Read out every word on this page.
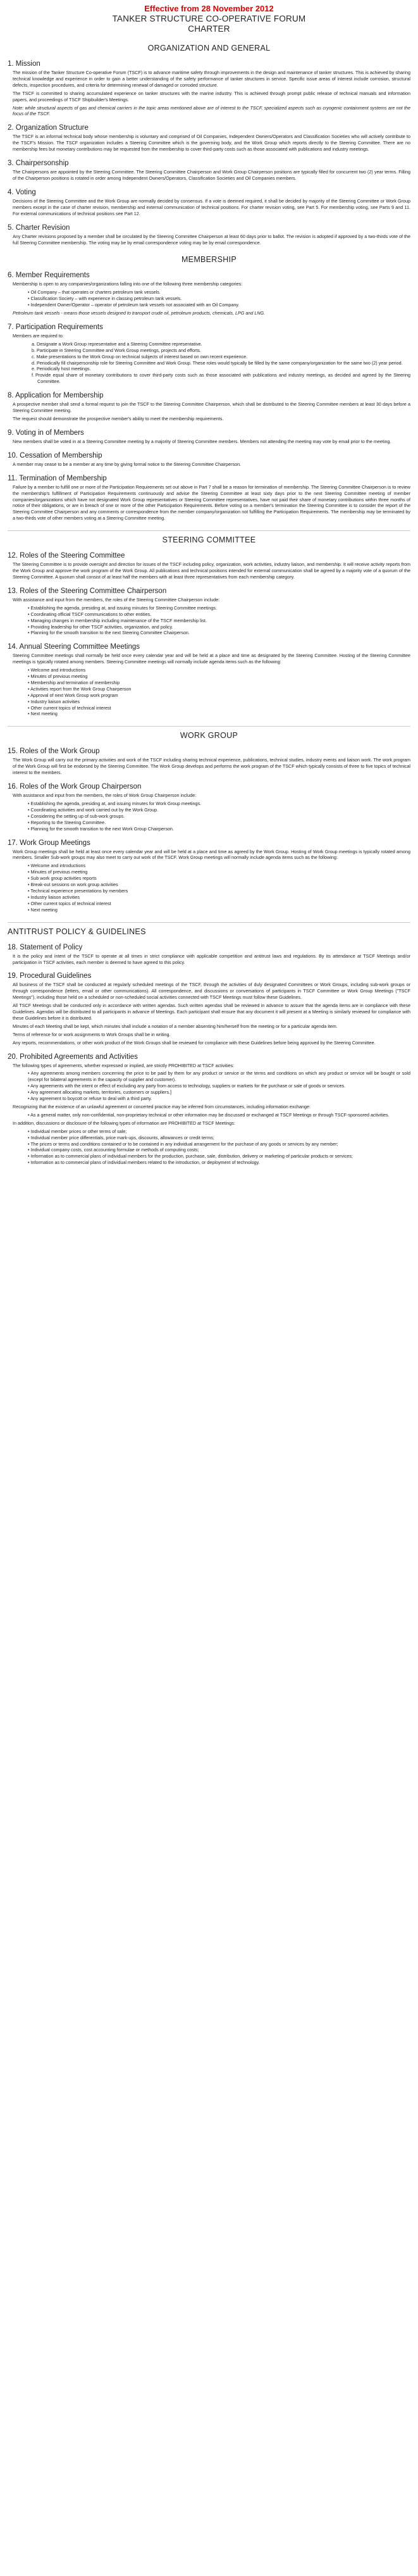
Effective from 28 November 2012
TANKER STRUCTURE CO-OPERATIVE FORUM
CHARTER
ORGANIZATION AND GENERAL
1. Mission

The mission of the Tanker Structure Co-operative Forum (TSCF) is to advance maritime safety through improvements in the design and maintenance of tanker structures. This is achieved by sharing technical knowledge and experience in order to gain a better understanding of the safety performance of tanker structures in service. Specific issue areas of interest include corrosion, structural defects, inspection procedures, and criteria for determining renewal of damaged or corroded structure.

The TSCF is committed to sharing accumulated experience on tanker structures with the marine industry. This is achieved through prompt public release of technical manuals and information papers, and proceedings of TSCF Shipbuilder's Meetings.

Note: while structural aspects of gas and chemical carriers in the topic areas mentioned above are of interest to the TSCF, specialized aspects such as cryogenic containment systems are not the focus of the TSCF.

2. Organization Structure

The TSCF is an informal technical body whose membership is voluntary and comprised of Oil Companies, Independent Owners/Operators and Classification Societies who will actively contribute to the TSCF's Mission. The TSCF organization includes a Steering Committee which is the governing body, and the Work Group which reports directly to the Steering Committee. There are no membership fees but monetary contributions may be requested from the membership to cover third-party costs such as those associated with publications and industry meetings.

3. Chairpersonship

The Chairpersons are appointed by the Steering Committee. The Steering Committee Chairperson and Work Group Chairperson positions are typically filled for concurrent two (2) year terms. Filling of the Chairperson positions is rotated in order among Independent Owners/Operators, Classification Societies and Oil Companies members.

4. Voting

Decisions of the Steering Committee and the Work Group are normally decided by consensus. If a vote is deemed required, it shall be decided by majority of the Steering Committee or Work Group members except in the case of charter revision, membership and external communication of technical positions. For charter revision voting, see Part 5. For membership voting, see Parts 9 and 11. For external communications of technical positions see Part 12.

5. Charter Revision

Any Charter revisions proposed by a member shall be circulated by the Steering Committee Chairperson at least 60 days prior to ballot. The revision is adopted if approved by a two-thirds vote of the full Steering Committee membership. The voting may be by email correspondence voting may be by email correspondence.

MEMBERSHIP
6. Member Requirements

Membership is open to any companies/organizations falling into one of the following three membership categories:

• Oil Company – that operates or charters petroleum tank vessels.
• Classification Society – with experience in classing petroleum tank vessels.
• Independent Owner/Operator – operator of petroleum tank vessels not associated with an Oil Company.

Petroleum tank vessels - means those vessels designed to transport crude oil, petroleum products, chemicals, LPG and LNG.

7. Participation Requirements

Members are required to:

a. Designate a Work Group representative and a Steering Committee representative.
b. Participate in Steering Committee and Work Group meetings, projects and efforts.
c. Make presentations to the Work Group on technical subjects of interest based on own recent experience.
d. Periodically fill chairpersonship role for Steering Committee and Work Group. These roles would typically be filled by the same company/organization for the same two (2) year period.
e. Periodically host meetings.
f. Provide equal share of monetary contributions to cover third-party costs such as those associated with publications and industry meetings, as decided and agreed by the Steering Committee.
8. Application for Membership

A prospective member shall send a formal request to join the TSCF to the Steering Committee Chairperson, which shall be distributed to the Steering Committee members at least 30 days before a Steering Committee meeting.

The request should demonstrate the prospective member's ability to meet the membership requirements.

9. Voting in of Members

New members shall be voted in at a Steering Committee meeting by a majority of Steering Committee members. Members not attending the meeting may vote by email prior to the meeting.

10. Cessation of Membership

A member may cease to be a member at any time by giving formal notice to the Steering Committee Chairperson.

11. Termination of Membership

Failure by a member to fulfill one or more of the Participation Requirements set out above in Part 7 shall be a reason for termination of membership. The Steering Committee Chairperson is to review the membership's fulfillment of Participation Requirements continuously and advise the Steering Committee at least sixty days prior to the next Steering Committee meeting of member companies/organizations which have not designated Work Group representatives or Steering Committee representatives, have not paid their share of monetary contributions within three months of notice of their obligations, or are in breach of one or more of the other Participation Requirements. Before voting on a member's termination the Steering Committee is to consider the report of the Steering Committee Chairperson and any comments or correspondence from the member company/organization not fulfilling the Participation Requirements. The membership may be terminated by a two-thirds vote of other members voting at a Steering Committee meeting.

STEERING COMMITTEE
12. Roles of the Steering Committee

The Steering Committee is to provide oversight and direction for issues of the TSCF including policy, organization, work activities, industry liaison, and membership. It will receive activity reports from the Work Group and approve the work program of the Work Group. All publications and technical positions intended for external communication shall be agreed by a majority vote of a quorum of the Steering Committee. A quorum shall consist of at least half the members with at least three representatives from each membership category.

13. Roles of the Steering Committee Chairperson

With assistance and input from the members, the roles of the Steering Committee Chairperson include:

• Establishing the agenda, presiding at, and issuing minutes for Steering Committee meetings.
• Coordinating official TSCF communications to other entities.
• Managing changes in membership including maintenance of the TSCF membership list.
• Providing leadership for other TSCF activities, organization, and policy.
• Planning for the smooth transition to the next Steering Committee Chairperson.
14. Annual Steering Committee Meetings

Steering Committee meetings shall normally be held once every calendar year and will be held at a place and time as designated by the Steering Committee. Hosting of the Steering Committee meetings is typically rotated among members. Steering Committee meetings will normally include agenda items such as the following:

• Welcome and introductions
• Minutes of previous meeting
• Membership and termination of membership
• Activities report from the Work Group Chairperson
• Approval of next Work Group work program
• Industry liaison activities
• Other current topics of technical interest
• Next meeting
WORK GROUP
15. Roles of the Work Group

The Work Group will carry out the primary activities and work of the TSCF including sharing technical experience, publications, technical studies, industry events and liaison work. The work program of the Work Group will first be endorsed by the Steering Committee. The Work Group develops and performs the work program of the TSCF which typically consists of three to five topics of technical interest to the members.

16. Roles of the Work Group Chairperson

With assistance and input from the members, the roles of Work Group Chairperson include:

• Establishing the agenda, presiding at, and issuing minutes for Work Group meetings.
• Coordinating activities and work carried out by the Work Group.
• Considering the setting up of sub-work groups.
• Reporting to the Steering Committee.
• Planning for the smooth transition to the next Work Group Chairperson.
17. Work Group Meetings

Work Group meetings shall be held at least once every calendar year and will be held at a place and time as agreed by the Work Group. Hosting of Work Group meetings is typically rotated among members. Smaller Sub-work groups may also meet to carry out work of the TSCF. Work Group meetings will normally include agenda items such as the following:

• Welcome and introductions
• Minutes of previous meeting
• Sub work group activities reports
• Break-out sessions on work group activities
• Technical experience presentations by members
• Industry liaison activities
• Other current topics of technical interest
• Next meeting
ANTITRUST POLICY & GUIDELINES
18. Statement of Policy

It is the policy and intent of the TSCF to operate at all times in strict compliance with applicable competition and antitrust laws and regulations. By its attendance at TSCF Meetings and/or participation in TSCF activities, each member is deemed to have agreed to this policy.

19. Procedural Guidelines

All business of the TSCF shall be conducted at regularly scheduled meetings of the TSCF, through the activities of duly designated Committees or Work Groups, including sub-work groups or through correspondence (letters, email or other communications). All correspondence, and discussions or conversations of participants in TSCF Committee or Work Group Meetings ("TSCF Meetings"), including those held on a scheduled or non-scheduled social activities connected with TSCF Meetings must follow these Guidelines.

All TSCF Meetings shall be conducted only in accordance with written agendas. Such written agendas shall be reviewed in advance to assure that the agenda items are in compliance with these Guidelines. Agendas will be distributed to all participants in advance of Meetings. Each participant shall ensure that any document it will present at a Meeting is similarly reviewed for compliance with these Guidelines before it is distributed.

Minutes of each Meeting shall be kept, which minutes shall include a notation of a member absenting him/herself from the meeting or for a particular agenda item.

Terms of reference for or work assignments to Work Groups shall be in writing.

Any reports, recommendations, or other work product of the Work Groups shall be reviewed for compliance with these Guidelines before being approved by the Steering Committee.

20. Prohibited Agreements and Activities

The following types of agreements, whether expressed or implied, are strictly PROHIBITED at TSCF activities:

• Any agreements among members concerning the price to be paid by them for any product or service or the terms and conditions on which any product or service will be bought or sold (except for bilateral agreements in the capacity of supplier and customer).
• Any agreements with the intent or effect of excluding any party from access to technology, suppliers or markets for the purchase or sale of goods or services.
• Any agreement allocating markets, territories, customers or suppliers.]
• Any agreement to boycott or refuse to deal with a third party.

Recognizing that the existence of an unlawful agreement or concerted practice may be inferred from circumstances, including information exchange:

• As a general matter, only non-confidential, non-proprietary technical or other information may be discussed or exchanged at TSCF Meetings or through TSCF-sponsored activities.

In addition, discussions or disclosure of the following types of information are PROHIBITED at TSCF Meetings:

• Individual member prices or other terms of sale;
• Individual member price differentials, price mark-ups, discounts, allowances or credit terms;
• The prices or terms and conditions contained or to be contained in any individual arrangement for the purchase of any goods or services by any member;
• Individual company costs, cost accounting formulae or methods of computing costs;
• Information as to commercial plans of individual members for the production, purchase, sale, distribution, delivery or marketing of particular products or services;
• Information as to commercial plans of individual members related to the introduction, or deployment of technology.
